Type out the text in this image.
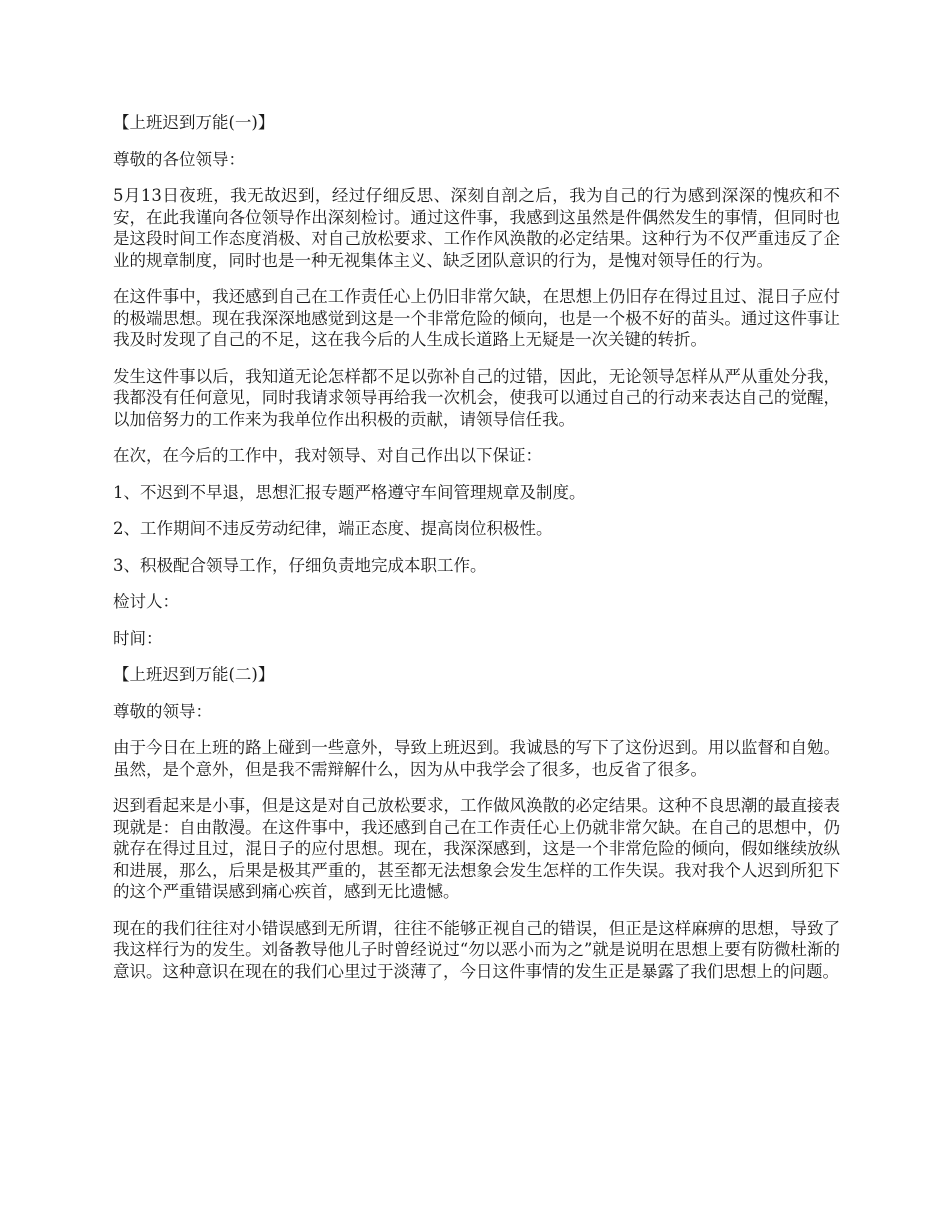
【上班迟到万能(一)】

尊敬的各位领导：

5月13日夜班，我无故迟到，经过仔细反思、深刻自剖之后，我为自己的行为感到深深的愧疚和不安，在此我谨向各位领导作出深刻检讨。通过这件事，我感到这虽然是件偶然发生的事情，但同时也是这段时间工作态度消极、对自己放松要求、工作作风涣散的必定结果。这种行为不仅严重违反了企业的规章制度，同时也是一种无视集体主义、缺乏团队意识的行为，是愧对领导任的行为。

在这件事中，我还感到自己在工作责任心上仍旧非常欠缺，在思想上仍旧存在得过且过、混日子应付的极端思想。现在我深深地感觉到这是一个非常危险的倾向，也是一个极不好的苗头。通过这件事让我及时发现了自己的不足，这在我今后的人生成长道路上无疑是一次关键的转折。

发生这件事以后，我知道无论怎样都不足以弥补自己的过错，因此，无论领导怎样从严从重处分我，我都没有任何意见，同时我请求领导再给我一次机会，使我可以通过自己的行动来表达自己的觉醒，以加倍努力的工作来为我单位作出积极的贡献，请领导信任我。

在次，在今后的工作中，我对领导、对自己作出以下保证：

1、不迟到不早退，思想汇报专题严格遵守车间管理规章及制度。

2、工作期间不违反劳动纪律，端正态度、提高岗位积极性。

3、积极配合领导工作，仔细负责地完成本职工作。

检讨人：

时间：

【上班迟到万能(二)】

尊敬的领导：

由于今日在上班的路上碰到一些意外，导致上班迟到。我诚恳的写下了这份迟到。用以监督和自勉。虽然，是个意外，但是我不需辩解什么，因为从中我学会了很多，也反省了很多。

迟到看起来是小事，但是这是对自己放松要求，工作做风涣散的必定结果。这种不良思潮的最直接表现就是：自由散漫。在这件事中，我还感到自己在工作责任心上仍就非常欠缺。在自己的思想中，仍就存在得过且过，混日子的应付思想。现在，我深深感到，这是一个非常危险的倾向，假如继续放纵和进展，那么，后果是极其严重的，甚至都无法想象会发生怎样的工作失误。我对我个人迟到所犯下的这个严重错误感到痛心疾首，感到无比遗憾。

现在的我们往往对小错误感到无所谓，往往不能够正视自己的错误，但正是这样麻痹的思想，导致了我这样行为的发生。刘备教导他儿子时曾经说过“勿以恶小而为之”就是说明在思想上要有防微杜渐的意识。这种意识在现在的我们心里过于淡薄了，今日这件事情的发生正是暴露了我们思想上的问题。
